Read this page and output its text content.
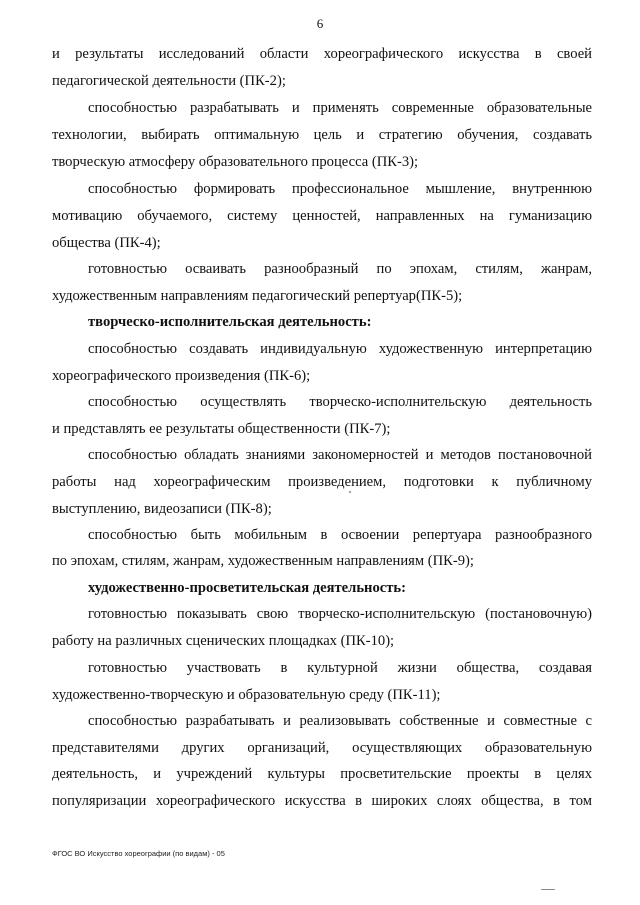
6
и результаты исследований области хореографического искусства в своей
педагогической деятельности (ПК-2);
способностью разрабатывать и применять современные образовательные
технологии, выбирать оптимальную цель и стратегию обучения, создавать
творческую атмосферу образовательного процесса (ПК-3);
способностью формировать профессиональное мышление, внутреннюю
мотивацию обучаемого, систему ценностей, направленных на гуманизацию
общества (ПК-4);
готовностью осваивать разнообразный по эпохам, стилям, жанрам,
художественным направлениям педагогический репертуар(ПК-5);
творческо-исполнительская деятельность:
способностью создавать индивидуальную художественную интерпретацию
хореографического произведения (ПК-6);
способностью осуществлять творческо-исполнительскую деятельность
и представлять ее результаты общественности (ПК-7);
способностью обладать знаниями закономерностей и методов постановочной
работы над хореографическим произведением, подготовки к публичному
выступлению, видеозаписи (ПК-8);
способностью быть мобильным в освоении репертуара разнообразного
по эпохам, стилям, жанрам, художественным направлениям (ПК-9);
художественно-просветительская деятельность:
готовностью показывать свою творческо-исполнительскую (постановочную)
работу на различных сценических площадках (ПК-10);
готовностью участвовать в культурной жизни общества, создавая
художественно-творческую и образовательную среду (ПК-11);
способностью разрабатывать и реализовывать собственные и совместные с
представителями других организаций, осуществляющих образовательную
деятельность, и учреждений культуры просветительские проекты в целях
популяризации хореографического искусства в широких слоях общества, в том
ФГОС ВО Искусство хореографии (по видам) - 05
